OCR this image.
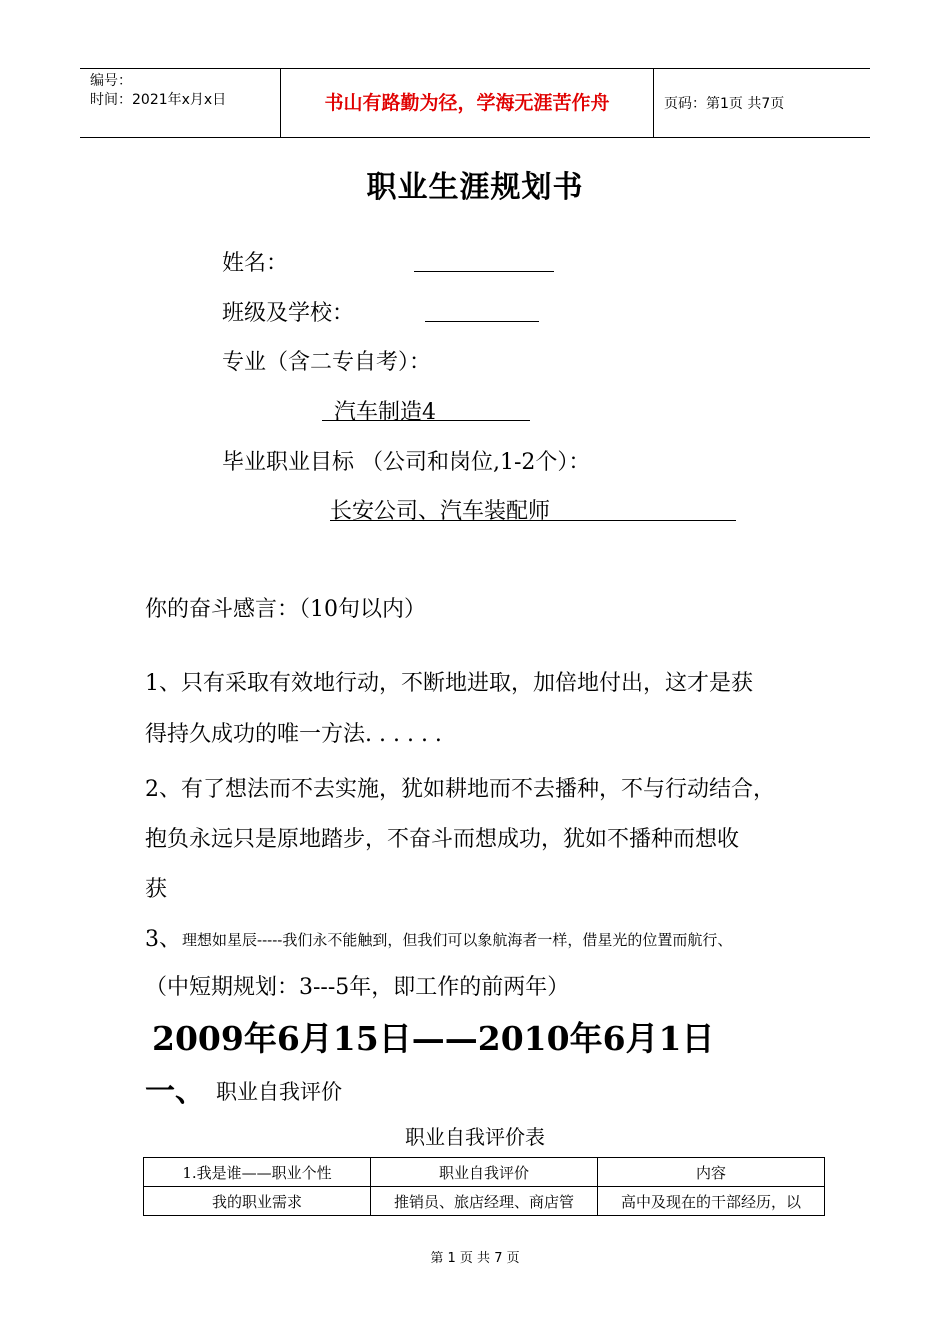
编号：
时间：2021年x月x日	书山有路勤为径，学海无涯苦作舟	页码：第1页 共7页
职业生涯规划书
姓名：
班级及学校：
专业（含二专自考）：
汽车制造4
毕业职业目标 （公司和岗位,1-2个）：
长安公司、汽车装配师
你的奋斗感言：（10句以内）
1、只有采取有效地行动，不断地进取，加倍地付出，这才是获
得持久成功的唯一方法. . . . . .
2、有了想法而不去实施，犹如耕地而不去播种，不与行动结合，
抱负永远只是原地踏步，不奋斗而想成功，犹如不播种而想收
获
3、 理想如星辰-----我们永不能触到，但我们可以象航海者一样，借星光的位置而航行、
（中短期规划：3---5年，即工作的前两年）
2009年6月15日——2010年6月1日
一、 职业自我评价
职业自我评价表
1.我是谁——职业个性	职业自我评价	内容
我的职业需求	推销员、旅店经理、商店管	高中及现在的干部经历，以
第 1 页 共 7 页
